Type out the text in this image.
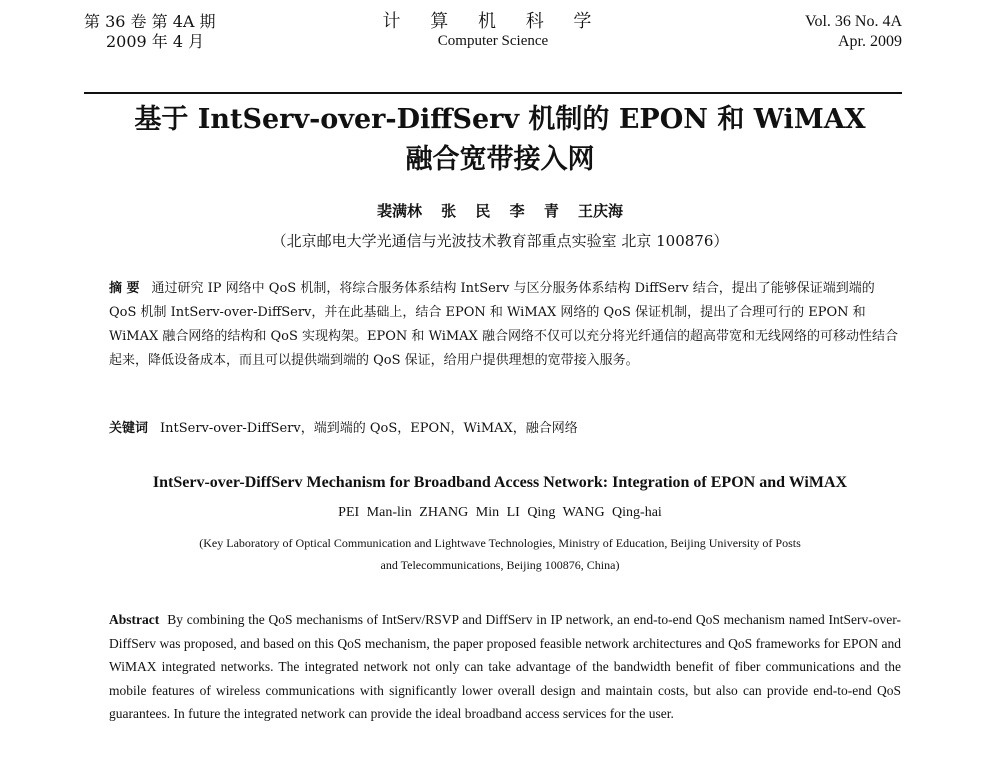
第 36 卷 第 4A 期
2009 年 4 月
计 算 机 科 学
Computer Science
Vol. 36 No. 4A
Apr. 2009
基于 IntServ-over-DiffServ 机制的 EPON 和 WiMAX
融合宽带接入网
裴满林 张 民 李 青 王庆海
（北京邮电大学光通信与光波技术教育部重点实验室 北京 100876）
摘 要 通过研究 IP 网络中 QoS 机制，将综合服务体系结构 IntServ 与区分服务体系结构 DiffServ 结合，提出了能够保证端到端的 QoS 机制 IntServ-over-DiffServ，并在此基础上，结合 EPON 和 WiMAX 网络的 QoS 保证机制，提出了合理可行的 EPON 和 WiMAX 融合网络的结构和 QoS 实现构架。EPON 和 WiMAX 融合网络不仅可以充分将光纤通信的超高带宽和无线网络的可移动性结合起来，降低设备成本，而且可以提供端到端的 QoS 保证，给用户提供理想的宽带接入服务。
关键词 IntServ-over-DiffServ，端到端的 QoS，EPON，WiMAX，融合网络
IntServ-over-DiffServ Mechanism for Broadband Access Network: Integration of EPON and WiMAX
PEI Man-lin ZHANG Min LI Qing WANG Qing-hai
(Key Laboratory of Optical Communication and Lightwave Technologies, Ministry of Education, Beijing University of Posts
and Telecommunications, Beijing 100876, China)
Abstract By combining the QoS mechanisms of IntServ/RSVP and DiffServ in IP network, an end-to-end QoS mechanism named IntServ-over-DiffServ was proposed, and based on this QoS mechanism, the paper proposed feasible network architectures and QoS frameworks for EPON and WiMAX integrated networks. The integrated network not only can take advantage of the bandwidth benefit of fiber communications and the mobile features of wireless communications with significantly lower overall design and maintain costs, but also can provide end-to-end QoS guarantees. In future the integrated network can provide the ideal broadband access services for the user.
